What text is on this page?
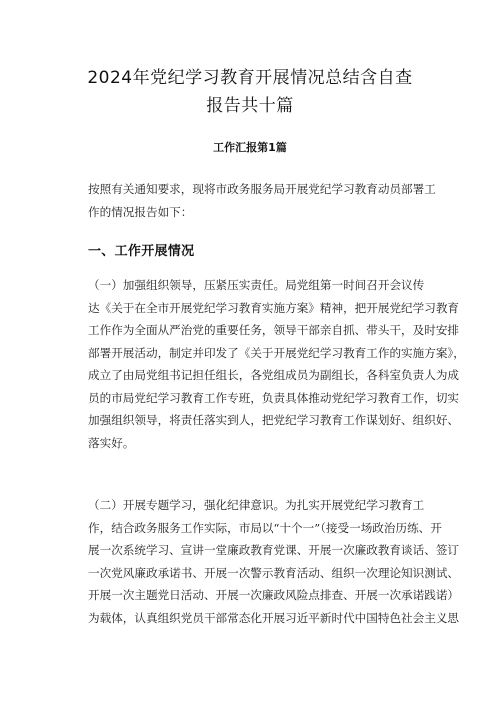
2024年党纪学习教育开展情况总结含自查
报告共十篇
工作汇报第1篇
按照有关通知要求，现将市政务服务局开展党纪学习教育动员部署工
作的情况报告如下：
一、工作开展情况
（一）加强组织领导，压紧压实责任。局党组第一时间召开会议传
达《关于在全市开展党纪学习教育实施方案》精神，把开展党纪学习教育
工作作为全面从严治党的重要任务，领导干部亲自抓、带头干，及时安排
部署开展活动，制定并印发了《关于开展党纪学习教育工作的实施方案》，
成立了由局党组书记担任组长，各党组成员为副组长，各科室负责人为成
员的市局党纪学习教育工作专班，负责具体推动党纪学习教育工作，切实
加强组织领导，将责任落实到人，把党纪学习教育工作谋划好、组织好、
落实好。
（二）开展专题学习，强化纪律意识。为扎实开展党纪学习教育工
作，结合政务服务工作实际，市局以“十个一”（接受一场政治历练、开
展一次系统学习、宣讲一堂廉政教育党课、开展一次廉政教育谈话、签订
一次党风廉政承诺书、开展一次警示教育活动、组织一次理论知识测试、
开展一次主题党日活动、开展一次廉政风险点排查、开展一次承诺践诺）
为载体，认真组织党员干部常态化开展习近平新时代中国特色社会主义思
